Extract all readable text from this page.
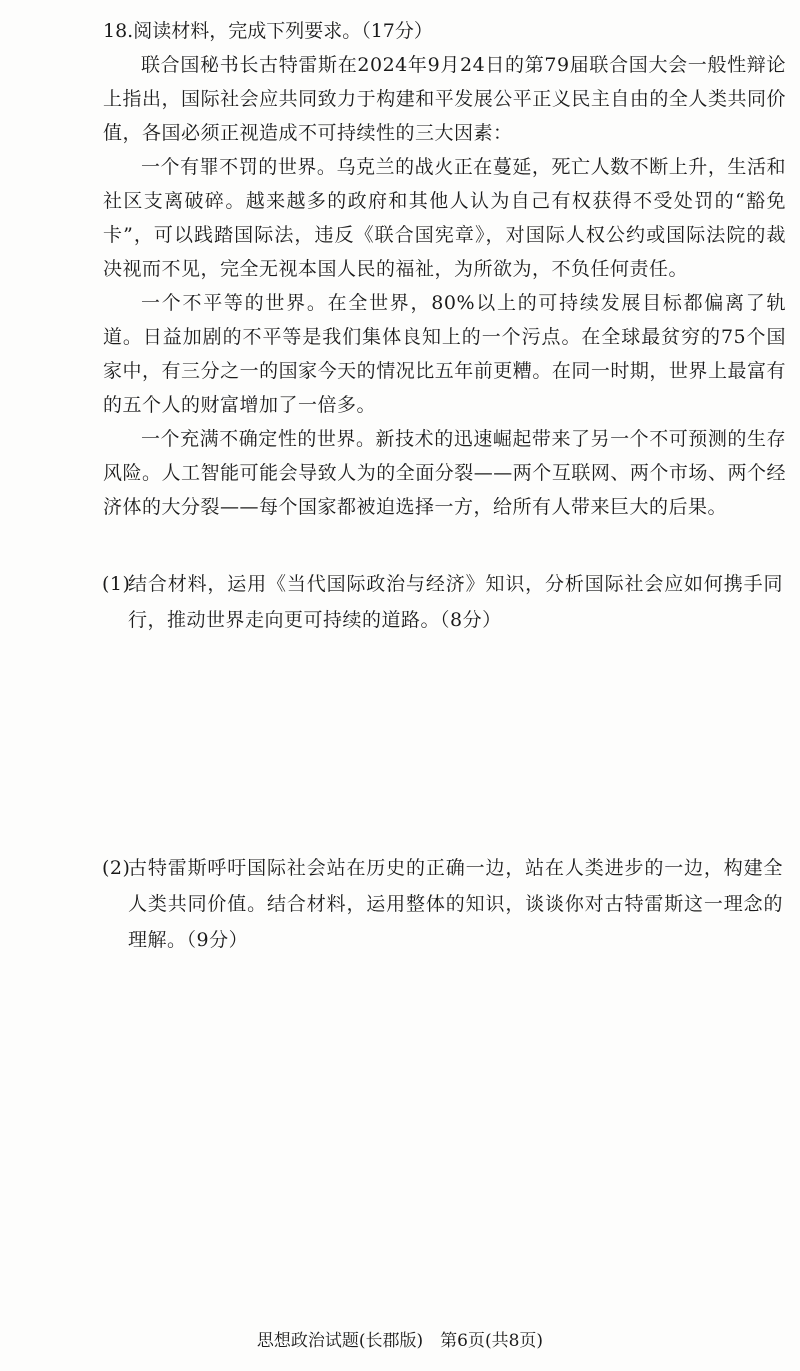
18.阅读材料，完成下列要求。（17分）

联合国秘书长古特雷斯在2024年9月24日的第79届联合国大会一般性辩论上指出，国际社会应共同致力于构建和平发展公平正义民主自由的全人类共同价值，各国必须正视造成不可持续性的三大因素：

一个有罪不罚的世界。乌克兰的战火正在蔓延，死亡人数不断上升，生活和社区支离破碎。越来越多的政府和其他人认为自己有权获得不受处罚的“豁免卡”，可以践踏国际法，违反《联合国宪章》，对国际人权公约或国际法院的裁决视而不见，完全无视本国人民的福祉，为所欲为，不负任何责任。

一个不平等的世界。在全世界，80%以上的可持续发展目标都偏离了轨道。日益加剧的不平等是我们集体良知上的一个污点。在全球最贫穷的75个国家中，有三分之一的国家今天的情况比五年前更糟。在同一时期，世界上最富有的五个人的财富增加了一倍多。

一个充满不确定性的世界。新技术的迅速崛起带来了另一个不可预测的生存风险。人工智能可能会导致人为的全面分裂——两个互联网、两个市场、两个经济体的大分裂——每个国家都被迫选择一方，给所有人带来巨大的后果。

(1)
结合材料，运用《当代国际政治与经济》知识，分析国际社会应如何携手同行，推动世界走向更可持续的道路。（8分）
(2)
古特雷斯呼吁国际社会站在历史的正确一边，站在人类进步的一边，构建全人类共同价值。结合材料，运用整体的知识，谈谈你对古特雷斯这一理念的理解。（9分）
思想政治试题(长郡版)　第6页(共8页)
